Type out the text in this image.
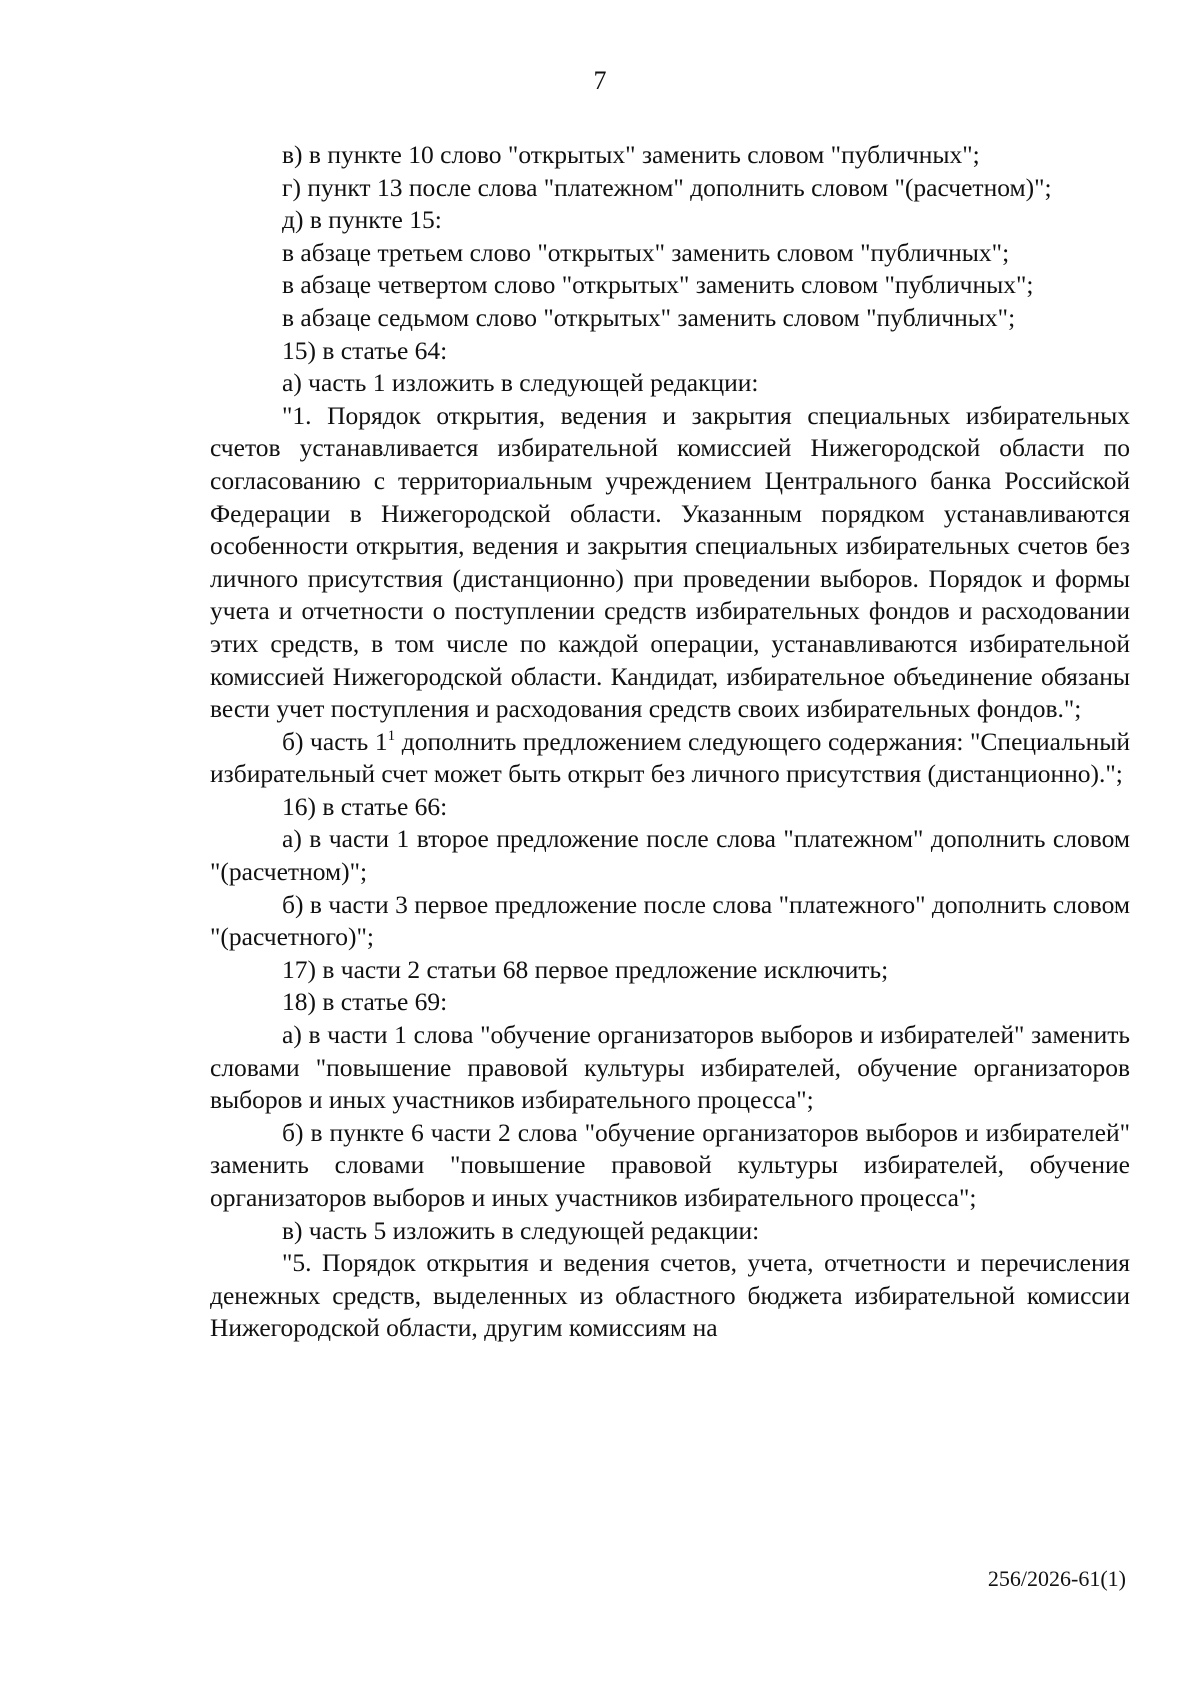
7

в) в пункте 10 слово "открытых" заменить словом "публичных";

г) пункт 13 после слова "платежном" дополнить словом "(расчетном)";

д) в пункте 15:

в абзаце третьем слово "открытых" заменить словом "публичных";

в абзаце четвертом слово "открытых" заменить словом "публичных";

в абзаце седьмом слово "открытых" заменить словом "публичных";

15) в статье 64:

а) часть 1 изложить в следующей редакции:

"1. Порядок открытия, ведения и закрытия специальных избирательных счетов устанавливается избирательной комиссией Нижегородской области по согласованию с территориальным учреждением Центрального банка Российской Федерации в Нижегородской области. Указанным порядком устанавливаются особенности открытия, ведения и закрытия специальных избирательных счетов без личного присутствия (дистанционно) при проведении выборов. Порядок и формы учета и отчетности о поступлении средств избирательных фондов и расходовании этих средств, в том числе по каждой операции, устанавливаются избирательной комиссией Нижегородской области. Кандидат, избирательное объединение обязаны вести учет поступления и расходования средств своих избирательных фондов.";

б) часть $1^1$ дополнить предложением следующего содержания: "Специальный избирательный счет может быть открыт без личного присутствия (дистанционно).";

16) в статье 66:

а) в части 1 второе предложение после слова "платежном" дополнить словом "(расчетном)";

б) в части 3 первое предложение после слова "платежного" дополнить словом "(расчетного)";

17) в части 2 статьи 68 первое предложение исключить;

18) в статье 69:

а) в части 1 слова "обучение организаторов выборов и избирателей" заменить словами "повышение правовой культуры избирателей, обучение организаторов выборов и иных участников избирательного процесса";

б) в пункте 6 части 2 слова "обучение организаторов выборов и избирателей" заменить словами "повышение правовой культуры избирателей, обучение организаторов выборов и иных участников избирательного процесса";

в) часть 5 изложить в следующей редакции:

"5. Порядок открытия и ведения счетов, учета, отчетности и перечисления денежных средств, выделенных из областного бюджета избирательной комиссии Нижегородской области, другим комиссиям на

256/2026-61(1)
